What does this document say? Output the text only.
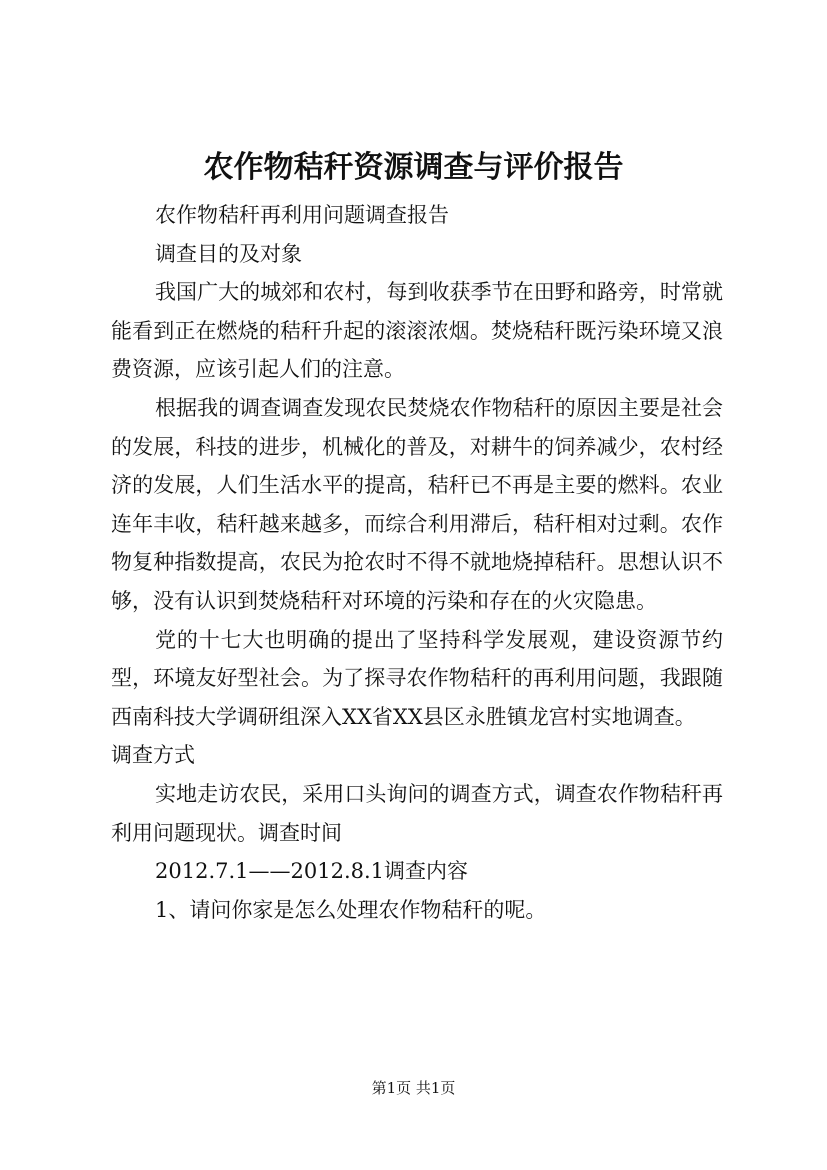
农作物秸秆资源调查与评价报告

农作物秸秆再利用问题调查报告

调查目的及对象

我国广大的城郊和农村，每到收获季节在田野和路旁，时常就能看到正在燃烧的秸秆升起的滚滚浓烟。焚烧秸秆既污染环境又浪费资源，应该引起人们的注意。

根据我的调查调查发现农民焚烧农作物秸秆的原因主要是社会的发展，科技的进步，机械化的普及，对耕牛的饲养减少，农村经济的发展，人们生活水平的提高，秸秆已不再是主要的燃料。农业连年丰收，秸秆越来越多，而综合利用滞后，秸秆相对过剩。农作物复种指数提高，农民为抢农时不得不就地烧掉秸秆。思想认识不够，没有认识到焚烧秸秆对环境的污染和存在的火灾隐患。

党的十七大也明确的提出了坚持科学发展观，建设资源节约型，环境友好型社会。为了探寻农作物秸秆的再利用问题，我跟随西南科技大学调研组深入XX省XX县区永胜镇龙宫村实地调查。

调查方式

实地走访农民，采用口头询问的调查方式，调查农作物秸秆再利用问题现状。调查时间

2012.7.1——2012.8.1调查内容

1、请问你家是怎么处理农作物秸秆的呢。

第1页 共1页
